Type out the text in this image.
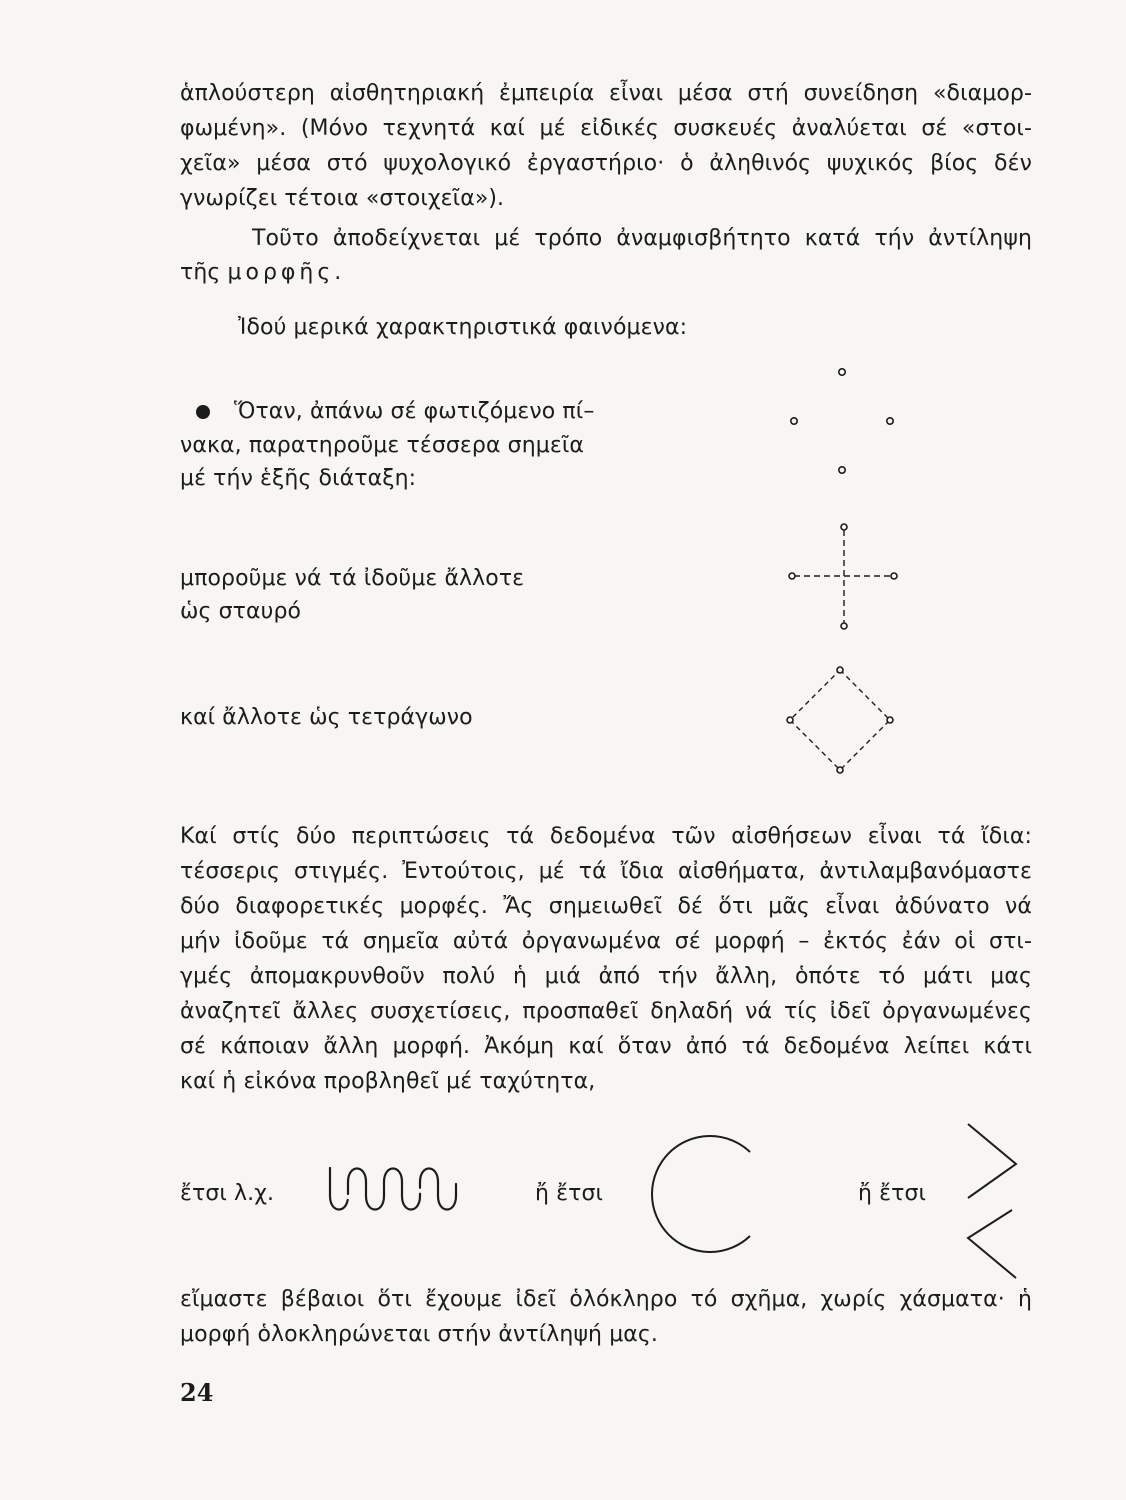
ἁπλούστερη αἰσθητηριακή ἐμπειρία εἶναι μέσα στή συνείδηση «διαμορ-
φωμένη». (Μόνο τεχνητά καί μέ εἰδικές συσκευές ἀναλύεται σέ «στοι-
χεῖα» μέσα στό ψυχολογικό ἐργαστήριο· ὁ ἀληθινός ψυχικός βίος δέν
γνωρίζει τέτοια «στοιχεῖα»).
Τοῦτο ἀποδείχνεται μέ τρόπο ἀναμφισβήτητο κατά τήν ἀντίληψη
τῆς μορφῆς.
Ἰδού μερικά χαρακτηριστικά φαινόμενα:
Ὅταν, ἀπάνω σέ φωτιζόμενο πί–
νακα, παρατηροῦμε τέσσερα σημεῖα
μέ τήν ἑξῆς διάταξη:
μποροῦμε νά τά ἰδοῦμε ἄλλοτε
ὡς σταυρό
καί ἄλλοτε ὡς τετράγωνο
Καί στίς δύο περιπτώσεις τά δεδομένα τῶν αἰσθήσεων εἶναι τά ἴδια:
τέσσερις στιγμές. Ἐντούτοις, μέ τά ἴδια αἰσθήματα, ἀντιλαμβανόμαστε
δύο διαφορετικές μορφές. Ἄς σημειωθεῖ δέ ὅτι μᾶς εἶναι ἀδύνατο νά
μήν ἰδοῦμε τά σημεῖα αὐτά ὀργανωμένα σέ μορφή – ἐκτός ἐάν οἱ στι-
γμές ἀπομακρυνθοῦν πολύ ἡ μιά ἀπό τήν ἄλλη, ὁπότε τό μάτι μας
ἀναζητεῖ ἄλλες συσχετίσεις, προσπαθεῖ δηλαδή νά τίς ἰδεῖ ὀργανωμένες
σέ κάποιαν ἄλλη μορφή. Ἀκόμη καί ὅταν ἀπό τά δεδομένα λείπει κάτι
καί ἡ εἰκόνα προβληθεῖ μέ ταχύτητα,
ἔτσι λ.χ.	ἤ ἔτσι	ἤ ἔτσι
εἴμαστε βέβαιοι ὅτι ἔχουμε ἰδεῖ ὁλόκληρο τό σχῆμα, χωρίς χάσματα· ἡ
μορφή ὁλοκληρώνεται στήν ἀντίληψή μας.
24
